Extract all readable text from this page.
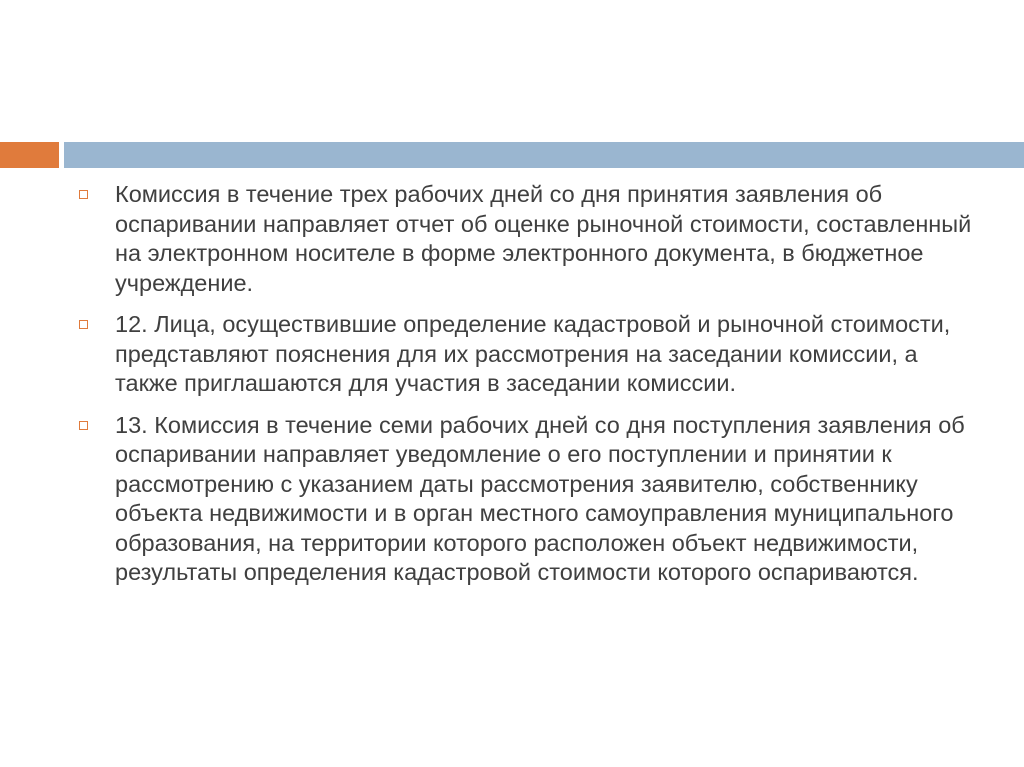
Комиссия в течение трех рабочих дней со дня принятия заявления об оспаривании направляет отчет об оценке рыночной стоимости, составленный на электронном носителе в форме электронного документа, в бюджетное учреждение.
12. Лица, осуществившие определение кадастровой и рыночной стоимости, представляют пояснения для их рассмотрения на заседании комиссии, а также приглашаются для участия в заседании комиссии.
13. Комиссия в течение семи рабочих дней со дня поступления заявления об оспаривании направляет уведомление о его поступлении и принятии к рассмотрению с указанием даты рассмотрения заявителю, собственнику объекта недвижимости и в орган местного самоуправления муниципального образования, на территории которого расположен объект недвижимости, результаты определения кадастровой стоимости которого оспариваются.
